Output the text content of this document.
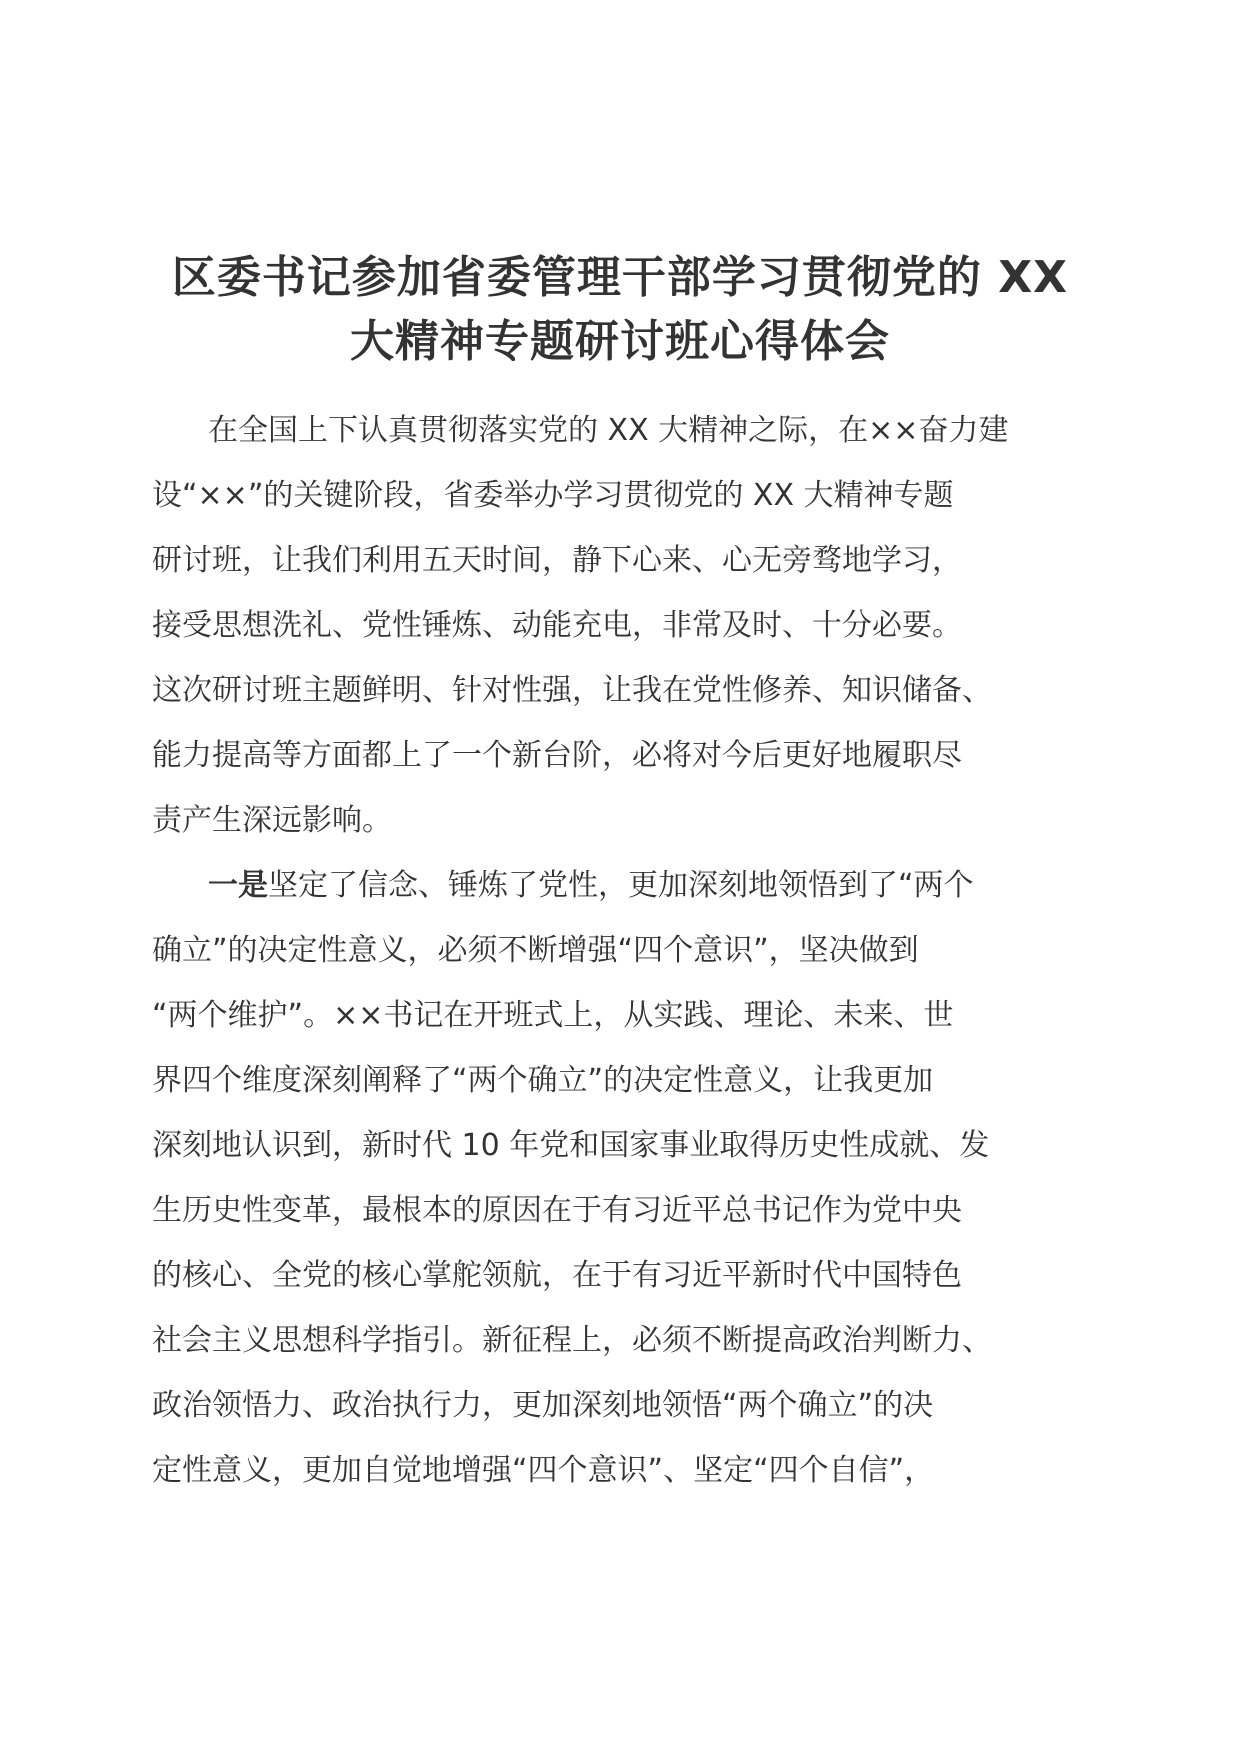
区委书记参加省委管理干部学习贯彻党的 XX
大精神专题研讨班心得体会
在全国上下认真贯彻落实党的 XX 大精神之际，在××奋力建
设“××”的关键阶段，省委举办学习贯彻党的 XX 大精神专题
研讨班，让我们利用五天时间，静下心来、心无旁骛地学习，
接受思想洗礼、党性锤炼、动能充电，非常及时、十分必要。
这次研讨班主题鲜明、针对性强，让我在党性修养、知识储备、
能力提高等方面都上了一个新台阶，必将对今后更好地履职尽
责产生深远影响。
一是坚定了信念、锤炼了党性，更加深刻地领悟到了“两个
确立”的决定性意义，必须不断增强“四个意识”，坚决做到
“两个维护”。××书记在开班式上，从实践、理论、未来、世
界四个维度深刻阐释了“两个确立”的决定性意义，让我更加
深刻地认识到，新时代 10 年党和国家事业取得历史性成就、发
生历史性变革，最根本的原因在于有习近平总书记作为党中央
的核心、全党的核心掌舵领航，在于有习近平新时代中国特色
社会主义思想科学指引。新征程上，必须不断提高政治判断力、
政治领悟力、政治执行力，更加深刻地领悟“两个确立”的决
定性意义，更加自觉地增强“四个意识”、坚定“四个自信”，
